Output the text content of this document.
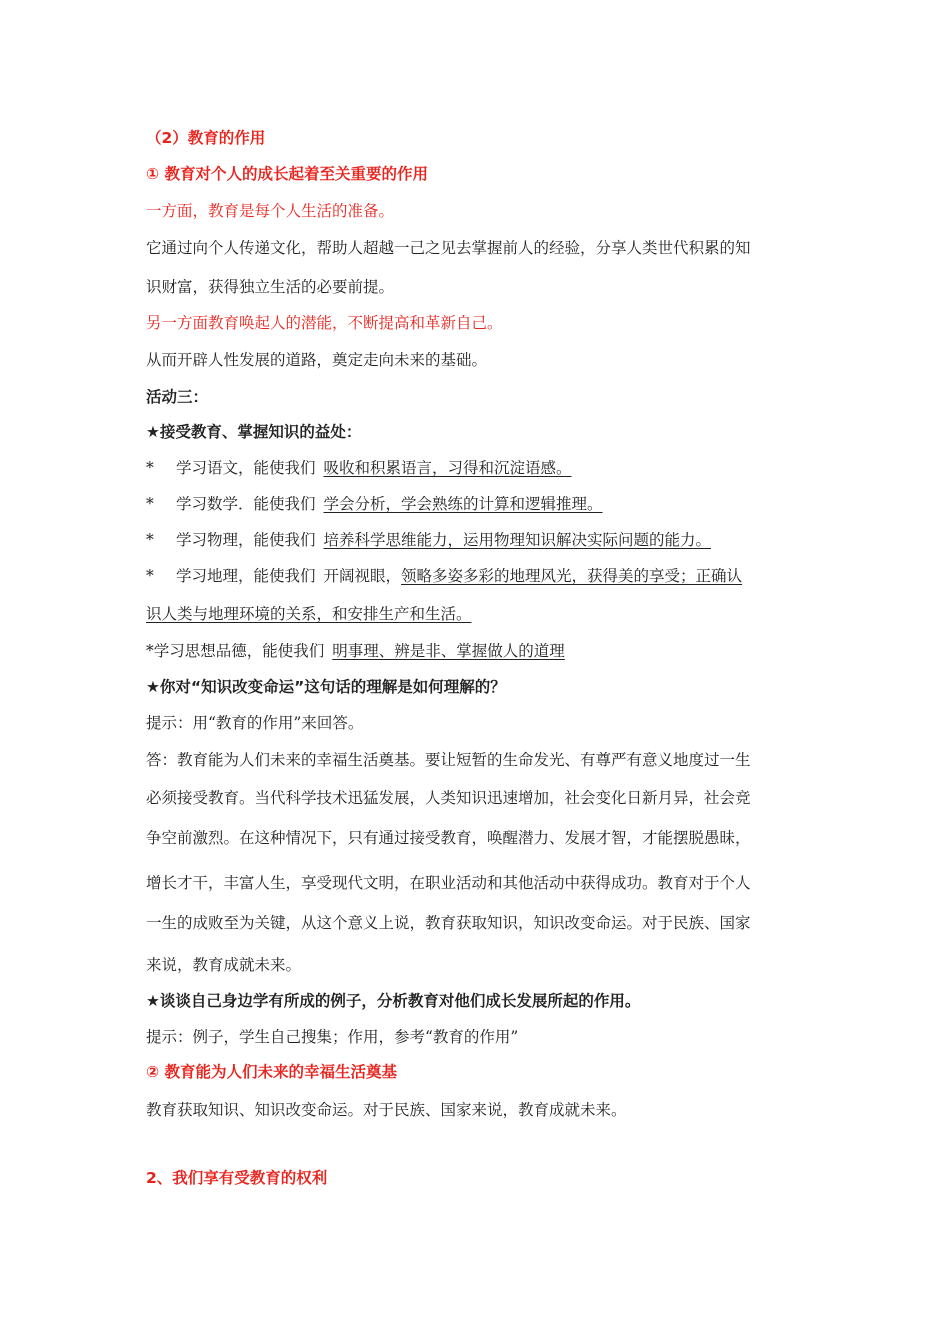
（2）教育的作用
① 教育对个人的成长起着至关重要的作用
一方面，教育是每个人生活的准备。
它通过向个人传递文化，帮助人超越一己之见去掌握前人的经验，分享人类世代积累的知
识财富，获得独立生活的必要前提。
另一方面教育唤起人的潜能，不断提高和革新自己。
从而开辟人性发展的道路，奠定走向未来的基础。
活动三：
★接受教育、掌握知识的益处：
* 学习语文，能使我们 吸收和积累语言，习得和沉淀语感。
* 学习数学．能使我们 学会分析，学会熟练的计算和逻辑推理。
* 学习物理，能使我们 培养科学思维能力，运用物理知识解决实际问题的能力。
* 学习地理，能使我们 开阔视眼，领略多姿多彩的地理风光，获得美的享受；正确认
识人类与地理环境的关系，和安排生产和生活。
*学习思想品德，能使我们 明事理、辨是非、掌握做人的道理
★你对“知识改变命运”这句话的理解是如何理解的？
提示：用“教育的作用”来回答。
答：教育能为人们未来的幸福生活奠基。要让短暂的生命发光、有尊严有意义地度过一生
必须接受教育。当代科学技术迅猛发展，人类知识迅速增加，社会变化日新月异，社会竞
争空前激烈。在这种情况下，只有通过接受教育，唤醒潜力、发展才智，才能摆脱愚昧，
增长才干，丰富人生，享受现代文明，在职业活动和其他活动中获得成功。教育对于个人
一生的成败至为关键，从这个意义上说，教育获取知识，知识改变命运。对于民族、国家
来说，教育成就未来。
★谈谈自己身边学有所成的例子，分析教育对他们成长发展所起的作用。
提示：例子，学生自己搜集；作用，参考“教育的作用”
② 教育能为人们未来的幸福生活奠基
教育获取知识、知识改变命运。对于民族、国家来说，教育成就未来。
2、我们享有受教育的权利
